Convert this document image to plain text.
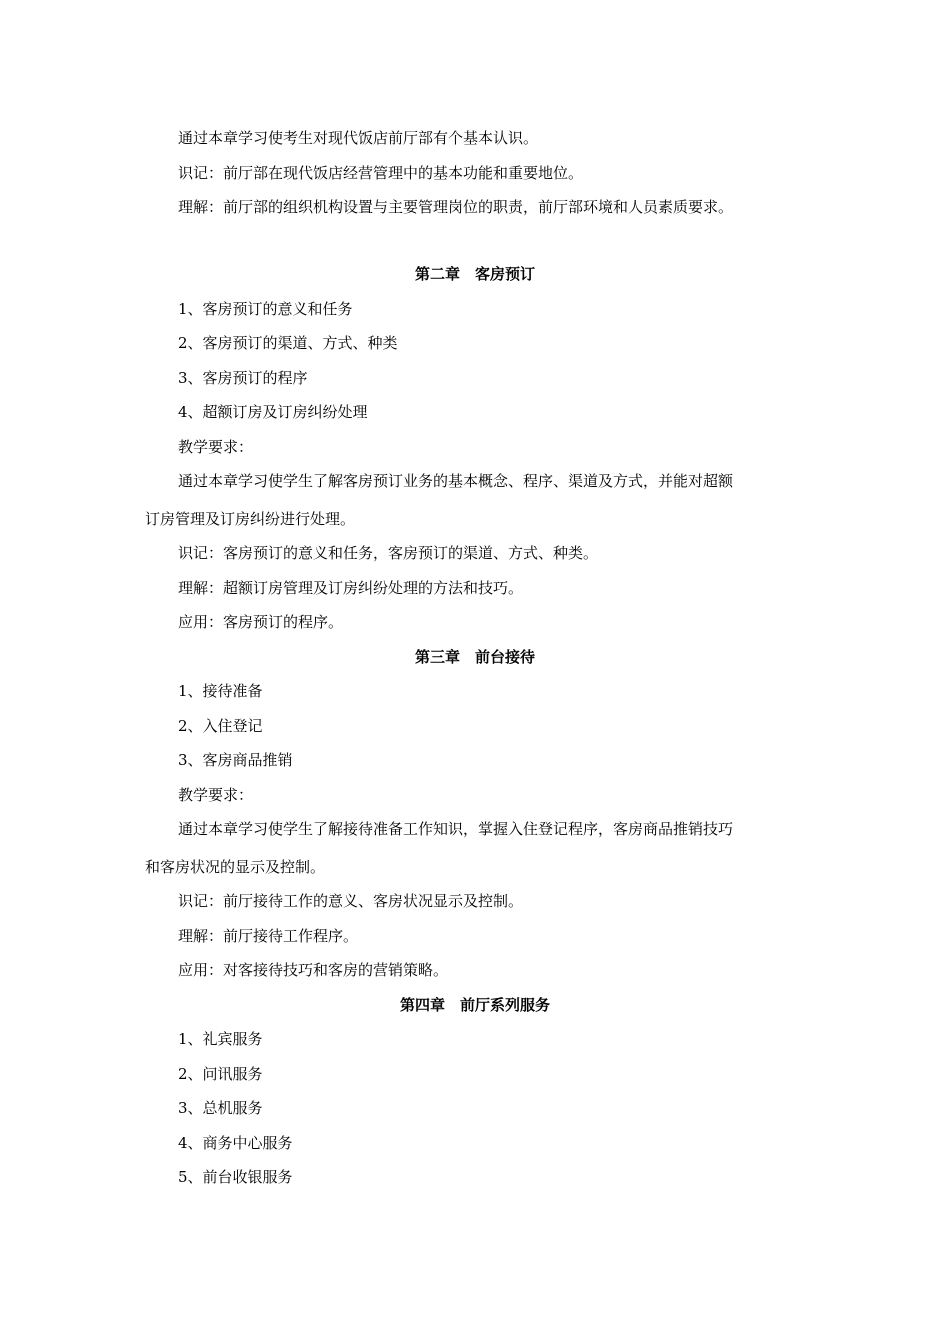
通过本章学习使考生对现代饭店前厅部有个基本认识。
识记：前厅部在现代饭店经营管理中的基本功能和重要地位。
理解：前厅部的组织机构设置与主要管理岗位的职责，前厅部环境和人员素质要求。
第二章　客房预订
1、客房预订的意义和任务
2、客房预订的渠道、方式、种类
3、客房预订的程序
4、超额订房及订房纠纷处理
教学要求：
通过本章学习使学生了解客房预订业务的基本概念、程序、渠道及方式，并能对超额
订房管理及订房纠纷进行处理。
识记：客房预订的意义和任务，客房预订的渠道、方式、种类。
理解：超额订房管理及订房纠纷处理的方法和技巧。
应用：客房预订的程序。
第三章　前台接待
1、接待准备
2、入住登记
3、客房商品推销
教学要求：
通过本章学习使学生了解接待准备工作知识，掌握入住登记程序，客房商品推销技巧
和客房状况的显示及控制。
识记：前厅接待工作的意义、客房状况显示及控制。
理解：前厅接待工作程序。
应用：对客接待技巧和客房的营销策略。
第四章　前厅系列服务
1、礼宾服务
2、问讯服务
3、总机服务
4、商务中心服务
5、前台收银服务
